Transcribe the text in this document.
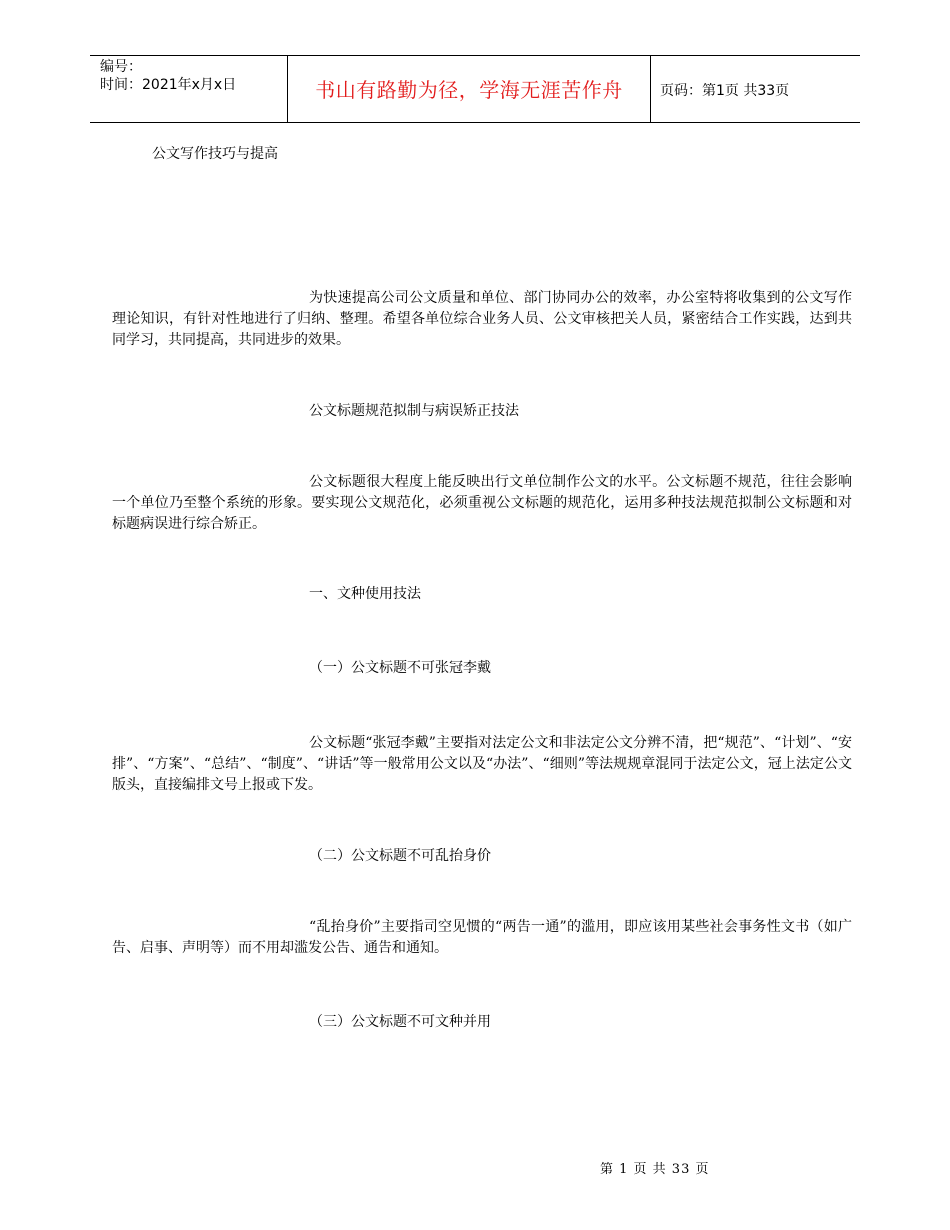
编号：
时间：2021年x月x日	书山有路勤为径，学海无涯苦作舟	页码：第1页 共33页
公文写作技巧与提高

为快速提高公司公文质量和单位、部门协同办公的效率，办公室特将收集到的公文写作理论知识，有针对性地进行了归纳、整理。希望各单位综合业务人员、公文审核把关人员，紧密结合工作实践，达到共同学习，共同提高，共同进步的效果。

公文标题规范拟制与病误矫正技法

公文标题很大程度上能反映出行文单位制作公文的水平。公文标题不规范，往往会影响一个单位乃至整个系统的形象。要实现公文规范化，必须重视公文标题的规范化，运用多种技法规范拟制公文标题和对标题病误进行综合矫正。

一、文种使用技法
（一）公文标题不可张冠李戴

公文标题“张冠李戴”主要指对法定公文和非法定公文分辨不清，把“规范”、“计划”、“安排”、“方案”、“总结”、“制度”、“讲话”等一般常用公文以及“办法”、“细则”等法规规章混同于法定公文，冠上法定公文版头，直接编排文号上报或下发。

（二）公文标题不可乱抬身价

“乱抬身价”主要指司空见惯的“两告一通”的滥用，即应该用某些社会事务性文书（如广告、启事、声明等）而不用却滥发公告、通告和通知。

（三）公文标题不可文种并用
第 1 页 共 33 页
